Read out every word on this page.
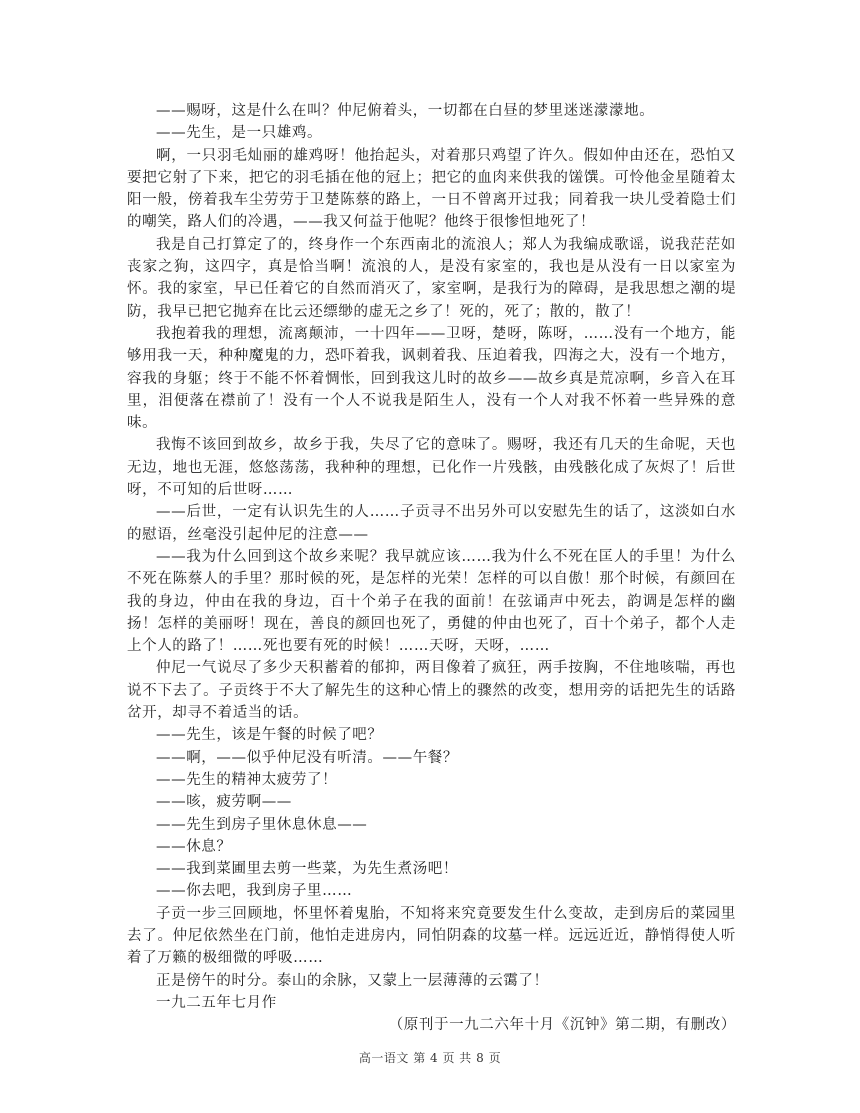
——赐呀，这是什么在叫？仲尼俯着头，一切都在白昼的梦里迷迷濛濛地。

——先生，是一只雄鸡。

啊，一只羽毛灿丽的雄鸡呀！他抬起头，对着那只鸡望了许久。假如仲由还在，恐怕又要把它射了下来，把它的羽毛插在他的冠上；把它的血肉来供我的馐馔。可怜他金星随着太阳一般，傍着我车尘劳劳于卫楚陈蔡的路上，一日不曾离开过我；同着我一块儿受着隐士们的嘲笑，路人们的冷遇，——我又何益于他呢？他终于很惨怛地死了！

我是自己打算定了的，终身作一个东西南北的流浪人；郑人为我编成歌谣，说我茫茫如丧家之狗，这四字，真是恰当啊！流浪的人，是没有家室的，我也是从没有一日以家室为怀。我的家室，早已任着它的自然而消灭了，家室啊，是我行为的障碍，是我思想之潮的堤防，我早已把它抛弃在比云还缥缈的虚无之乡了！死的，死了；散的，散了！

我抱着我的理想，流离颠沛，一十四年——卫呀，楚呀，陈呀，……没有一个地方，能够用我一天，种种魔鬼的力，恐吓着我，讽刺着我、压迫着我，四海之大，没有一个地方，容我的身躯；终于不能不怀着惆怅，回到我这儿时的故乡——故乡真是荒凉啊，乡音入在耳里，泪便落在襟前了！没有一个人不说我是陌生人，没有一个人对我不怀着一些异殊的意味。

我悔不该回到故乡，故乡于我，失尽了它的意味了。赐呀，我还有几天的生命呢，天也无边，地也无涯，悠悠荡荡，我种种的理想，已化作一片残骸，由残骸化成了灰烬了！后世呀，不可知的后世呀……

——后世，一定有认识先生的人……子贡寻不出另外可以安慰先生的话了，这淡如白水的慰语，丝毫没引起仲尼的注意——

——我为什么回到这个故乡来呢？我早就应该……我为什么不死在匡人的手里！为什么不死在陈蔡人的手里？那时候的死，是怎样的光荣！怎样的可以自傲！那个时候，有颜回在我的身边，仲由在我的身边，百十个弟子在我的面前！在弦诵声中死去，韵调是怎样的幽扬！怎样的美丽呀！现在，善良的颜回也死了，勇健的仲由也死了，百十个弟子，都个人走上个人的路了！……死也要有死的时候！……天呀，天呀，……

仲尼一气说尽了多少天积蓄着的郁抑，两目像着了疯狂，两手按胸，不住地咳喘，再也说不下去了。子贡终于不大了解先生的这种心情上的骤然的改变，想用旁的话把先生的话路岔开，却寻不着适当的话。

——先生，该是午餐的时候了吧？

——啊，——似乎仲尼没有听清。——午餐？

——先生的精神太疲劳了！

——咳，疲劳啊——

——先生到房子里休息休息——

——休息？

——我到菜圃里去剪一些菜，为先生煮汤吧！

——你去吧，我到房子里……

子贡一步三回顾地，怀里怀着鬼胎，不知将来究竟要发生什么变故，走到房后的菜园里去了。仲尼依然坐在门前，他怕走进房内，同怕阴森的坟墓一样。远远近近，静悄得使人听着了万籁的极细微的呼吸……

正是傍午的时分。泰山的余脉，又蒙上一层薄薄的云霭了！

一九二五年七月作

（原刊于一九二六年十月《沉钟》第二期，有删改）

高一语文 第 4 页 共 8 页
